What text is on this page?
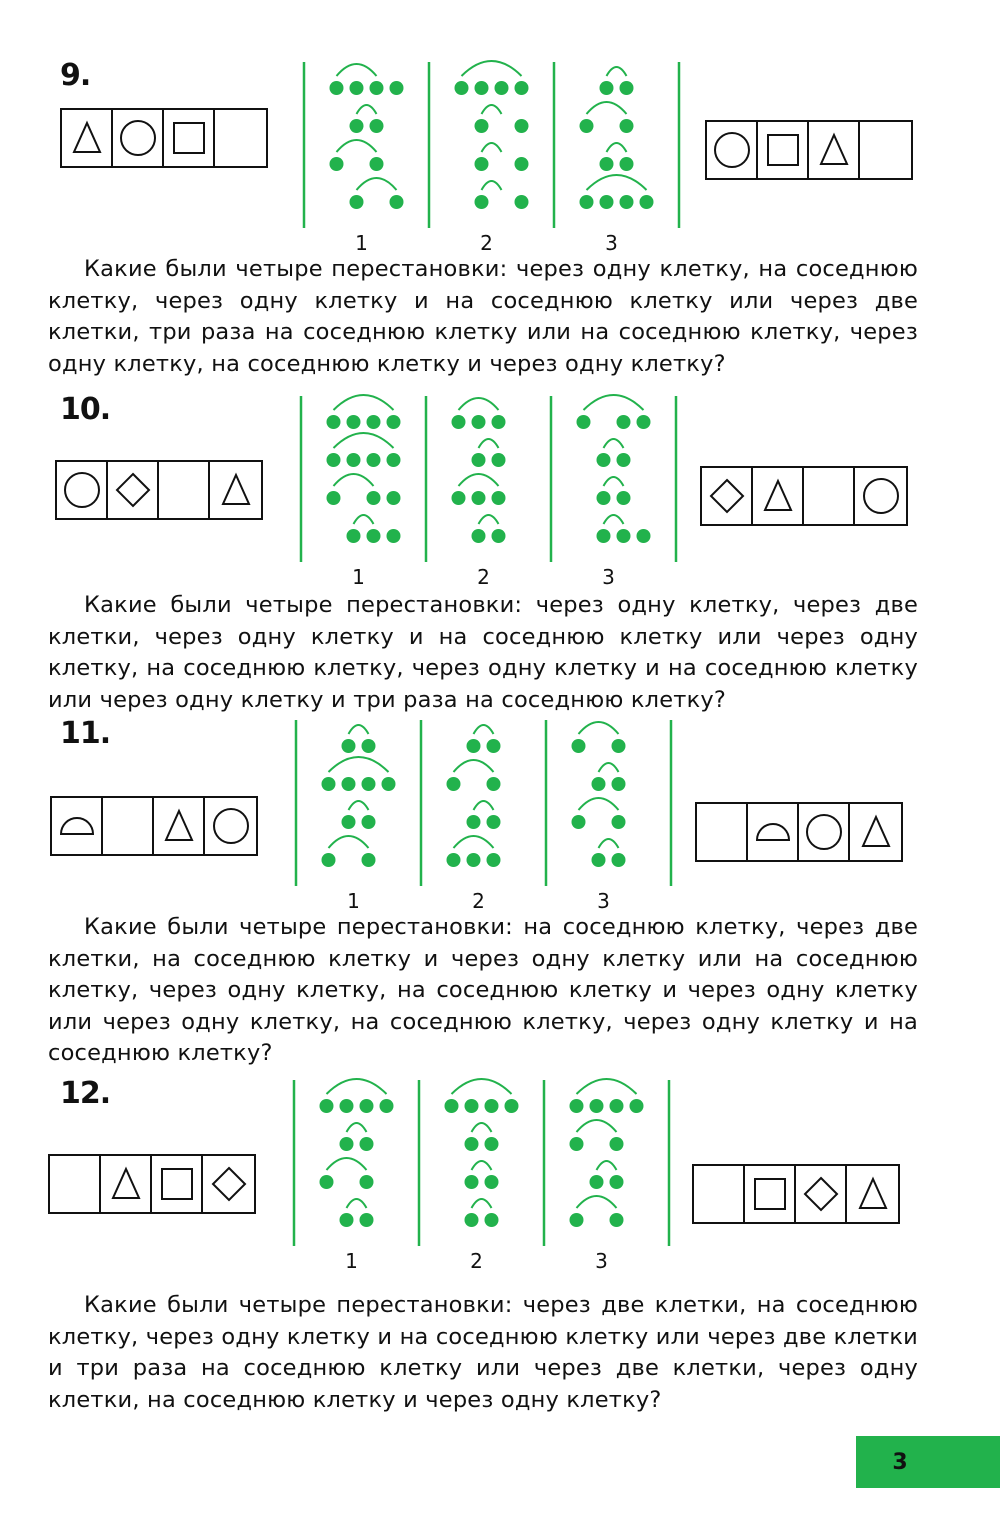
9.
1	2	3
Какие были четыре перестановки: через одну клетку, на соседнюю клетку, через одну клетку и на соседнюю клетку или через две клетки, три раза на соседнюю клетку или на соседнюю клетку, через одну клетку, на соседнюю клетку и через одну клетку?
10.
1	2	3
Какие были четыре перестановки: через одну клетку, через две клетки, через одну клетку и на соседнюю клетку или через одну клетку, на соседнюю клетку, через одну клетку и на соседнюю клетку или через одну клетку и три раза на соседнюю клетку?
11.
1	2	3
Какие были четыре перестановки: на соседнюю клетку, через две клетки, на соседнюю клетку и через одну клетку или на соседнюю клетку, через одну клетку, на соседнюю клетку и через одну клетку или через одну клетку, на соседнюю клетку, через одну клетку и на соседнюю клетку?
12.
1	2	3
Какие были четыре перестановки: через две клетки, на соседнюю клетку, через одну клетку и на соседнюю клетку или через две клетки и три раза на соседнюю клетку или через две клетки, через одну клетки, на соседнюю клетку и через одну клетку?
3
